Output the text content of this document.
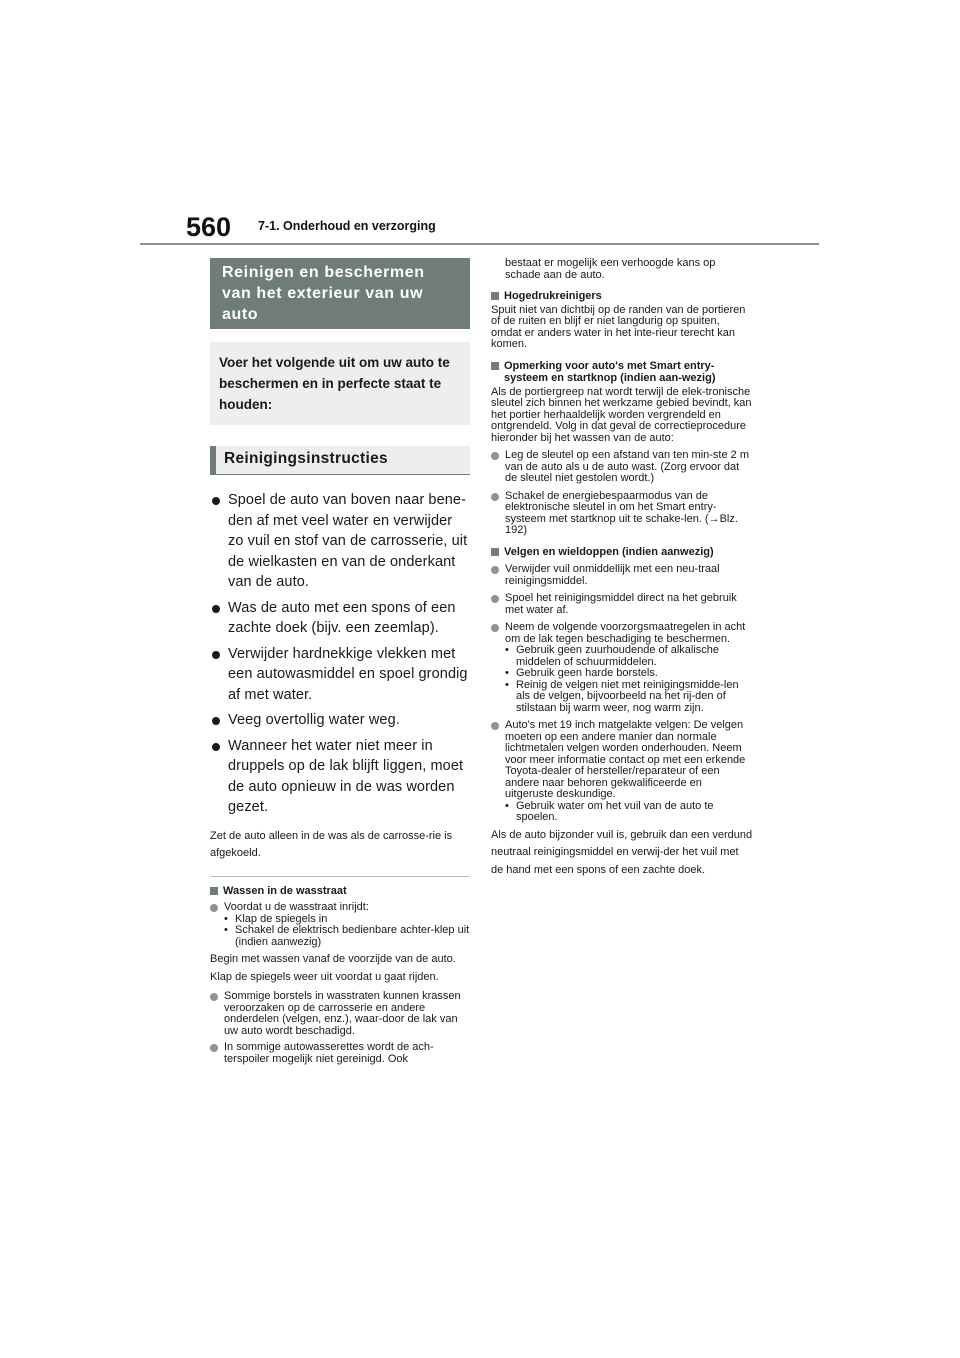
560 7-1. Onderhoud en verzorging
Reinigen en beschermen van het exterieur van uw auto
Voer het volgende uit om uw auto te beschermen en in perfecte staat te houden:
Reinigingsinstructies
Spoel de auto van boven naar bene-den af met veel water en verwijder zo vuil en stof van de carrosserie, uit de wielkasten en van de onderkant van de auto.
Was de auto met een spons of een zachte doek (bijv. een zeemlap).
Verwijder hardnekkige vlekken met een autowasmiddel en spoel grondig af met water.
Veeg overtollig water weg.
Wanneer het water niet meer in druppels op de lak blijft liggen, moet de auto opnieuw in de was worden gezet.
Zet de auto alleen in de was als de carrosse-rie is afgekoeld.
Wassen in de wasstraat
Voordat u de wasstraat inrijdt:
• Klap de spiegels in
• Schakel de elektrisch bedienbare achter-klep uit (indien aanwezig)
Begin met wassen vanaf de voorzijde van de auto. Klap de spiegels weer uit voordat u gaat rijden.
Sommige borstels in wasstraten kunnen krassen veroorzaken op de carrosserie en andere onderdelen (velgen, enz.), waar-door de lak van uw auto wordt beschadigd.
In sommige autowasserettes wordt de ach-terspoiler mogelijk niet gereinigd. Ook
bestaat er mogelijk een verhoogde kans op schade aan de auto.
Hogedrukreinigers
Spuit niet van dichtbij op de randen van de portieren of de ruiten en blijf er niet langdurig op spuiten, omdat er anders water in het inte-rieur terecht kan komen.
Opmerking voor auto's met Smart entry-systeem en startknop (indien aan-wezig)
Als de portiergreep nat wordt terwijl de elek-tronische sleutel zich binnen het werkzame gebied bevindt, kan het portier herhaaldelijk worden vergrendeld en ontgrendeld. Volg in dat geval de correctieprocedure hieronder bij het wassen van de auto:
Leg de sleutel op een afstand van ten min-ste 2 m van de auto als u de auto wast. (Zorg ervoor dat de sleutel niet gestolen wordt.)
Schakel de energiebespaarmodus van de elektronische sleutel in om het Smart entry-systeem met startknop uit te schake-len. (→Blz. 192)
Velgen en wieldoppen (indien aanwezig)
Verwijder vuil onmiddellijk met een neu-traal reinigingsmiddel.
Spoel het reinigingsmiddel direct na het gebruik met water af.
Neem de volgende voorzorgsmaatregelen in acht om de lak tegen beschadiging te beschermen.
• Gebruik geen zuurhoudende of alkalische middelen of schuurmiddelen.
• Gebruik geen harde borstels.
• Reinig de velgen niet met reinigingsmidde-len als de velgen, bijvoorbeeld na het rij-den of stilstaan bij warm weer, nog warm zijn.
Auto's met 19 inch matgelakte velgen: De velgen moeten op een andere manier dan normale lichtmetalen velgen worden onderhouden. Neem voor meer informatie contact op met een erkende Toyota-dealer of hersteller/reparateur of een andere naar behoren gekwalificeerde en uitgeruste deskundige.
• Gebruik water om het vuil van de auto te spoelen.
Als de auto bijzonder vuil is, gebruik dan een verdund neutraal reinigingsmiddel en verwij-der het vuil met de hand met een spons of een zachte doek.
